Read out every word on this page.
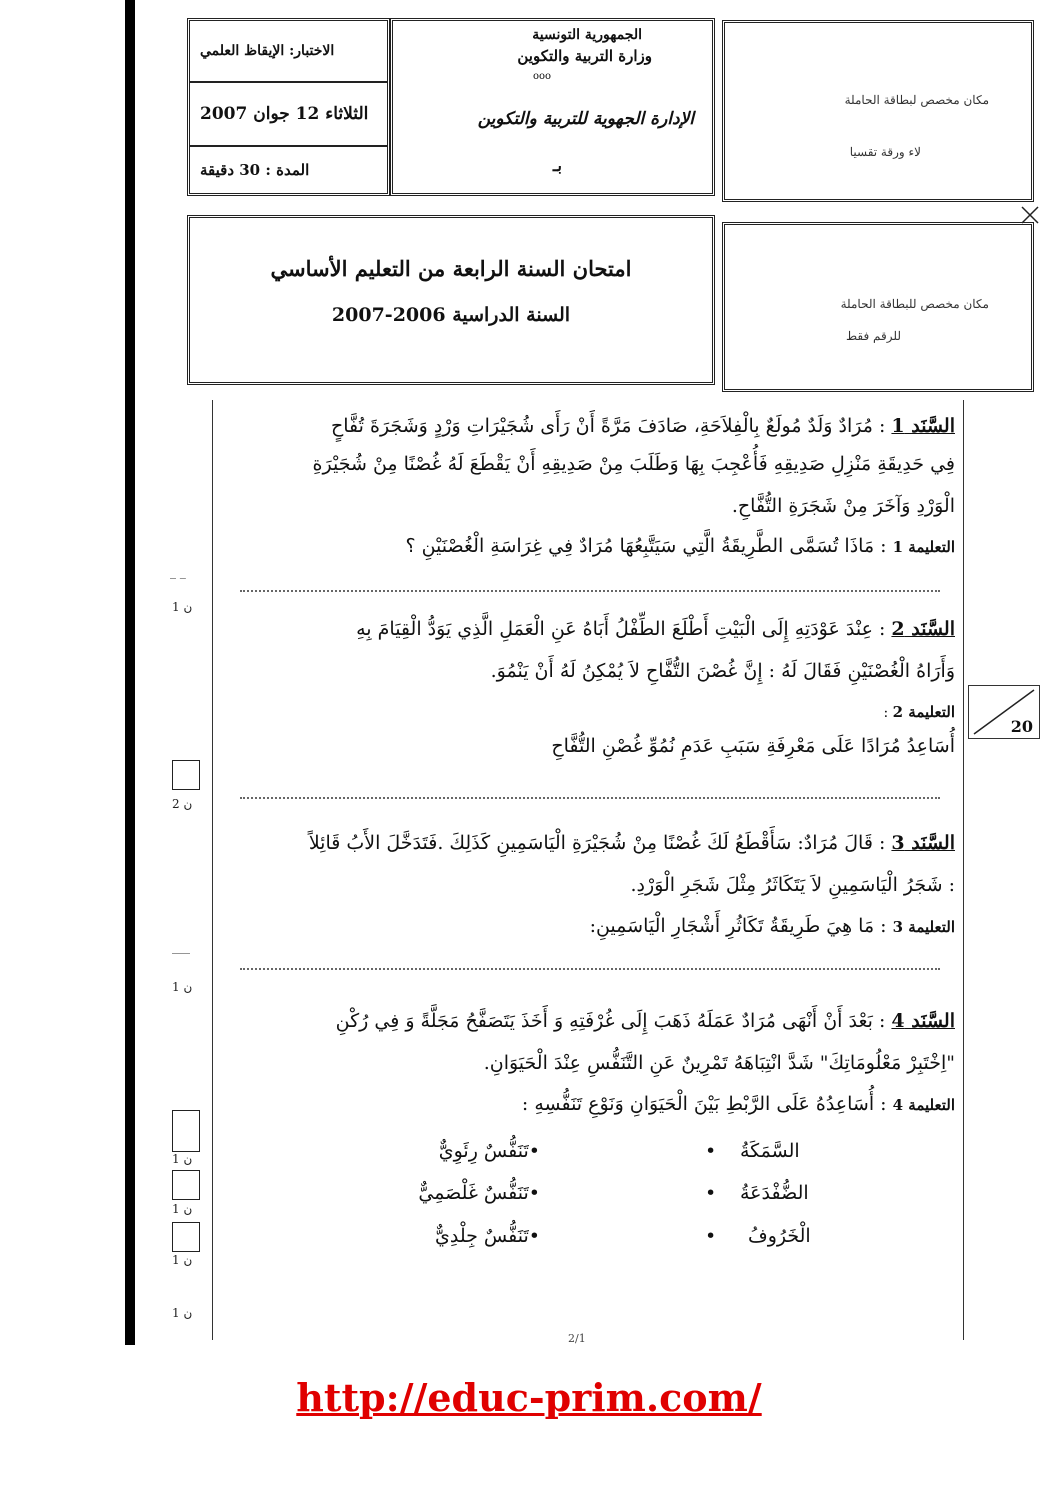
_ _
1 ن
2 ن
___
1 ن
1 ن
1 ن
1 ن
1 ن
الاختبار: الإيقاظ العلمي
الثلاثاء 12 جوان 2007
المدة : 30 دقيقة
الجمهورية التونسية
وزارة التربية والتكوين
ooo
الإدارة الجهوية للتربية والتكوين
بـ
مكان مخصص لبطاقة الحاملة
لاء ورقة تقسيا
امتحان السنة الرابعة من التعليم الأساسي
السنة الدراسية 2006-2007	مكان مخصص للبطاقة الحاملة
للرقم فقط
20
السَّنَد 1 : مُرَادٌ وَلَدٌ مُولَعٌ بِالْفِلاَحَةِ، صَادَفَ مَرَّةً أَنْ رَأَى شُجَيْرَاتِ وَرْدٍ وَشَجَرَةَ تُفَّاحٍ
فِي حَدِيقَةِ مَنْزِلِ صَدِيقِهِ فَأُعْجِبَ بِهَا وَطَلَبَ مِنْ صَدِيقِهِ أَنْ يَقْطَعَ لَهُ غُصْنًا مِنْ شُجَيْرَةِ
الْوَرْدِ وَآخَرَ مِنْ شَجَرَةِ التُّفَّاحِ.
التعليمة 1 : مَاذَا تُسَمَّى الطَّرِيقَةُ الَّتِي سَيَتَّبِعُهَا مُرَادٌ فِي غِرَاسَةِ الْغُصْنَيْنِ ؟
السَّنَد 2 : عِنْدَ عَوْدَتِهِ إِلَى الْبَيْتِ أَطْلَعَ الطِّفْلُ أَبَاهُ عَنِ الْعَمَلِ الَّذِي يَوَدُّ الْقِيَامَ بِهِ
وَأَرَاهُ الْغُصْنَيْنِ فَقَالَ لَهُ : إِنَّ غُصْنَ التُّفَّاحِ لاَ يُمْكِنُ لَهُ أَنْ يَنْمُوَ.
التعليمة 2 :
أُسَاعِدُ مُرَادًا عَلَى مَعْرِفَةِ سَبَبِ عَدَمِ نُمُوِّ غُصْنِ التُّفَّاحِ
السَّنَد 3 : قَالَ مُرَادٌ: سَأَقْطَعُ لَكَ غُصْنًا مِنْ شُجَيْرَةِ الْيَاسَمِينِ كَذَلِكَ .فَتَدَخَّلَ الأَبُ قَائِلاً
: شَجَرُ الْيَاسَمِينِ لاَ يَتَكَاثَرُ مِثْلَ شَجَرِ الْوَرْدِ.
التعليمة 3 : مَا هِيَ طَرِيقَةُ تَكَاثُرِ أَشْجَارِ الْيَاسَمِينِ:
السَّنَد 4 : بَعْدَ أَنْ أَنْهَى مُرَادٌ عَمَلَهُ ذَهَبَ إِلَى غُرْفَتِهِ وَ أَخَذَ يَتَصَفَّحُ مَجَلَّةً وَ فِي رُكْنِ
"اِخْتَبِرْ مَعْلُومَاتِكَ" شَدَّ انْتِبَاهَهُ تَمْرِينٌ عَنِ التَّنَفُّسِ عِنْدَ الْحَيَوَانِ.
التعليمة 4 : أُسَاعِدُهُ عَلَى الرَّبْطِ بَيْنَ الْحَيَوَانِ وَنَوْعِ تَنَفُّسِهِ :
السَّمَكَةُ
•
•تَنَفُّسٌ رِئَوِيٌّ
الضُّفْدَعَةُ
•
•تَنَفُّسٌ غَلْصَمِيٌّ
الْخَرُوفُ
•
•تَنَفُّسٌ جِلْدِيٌّ
2/1
http://educ-prim.com/
